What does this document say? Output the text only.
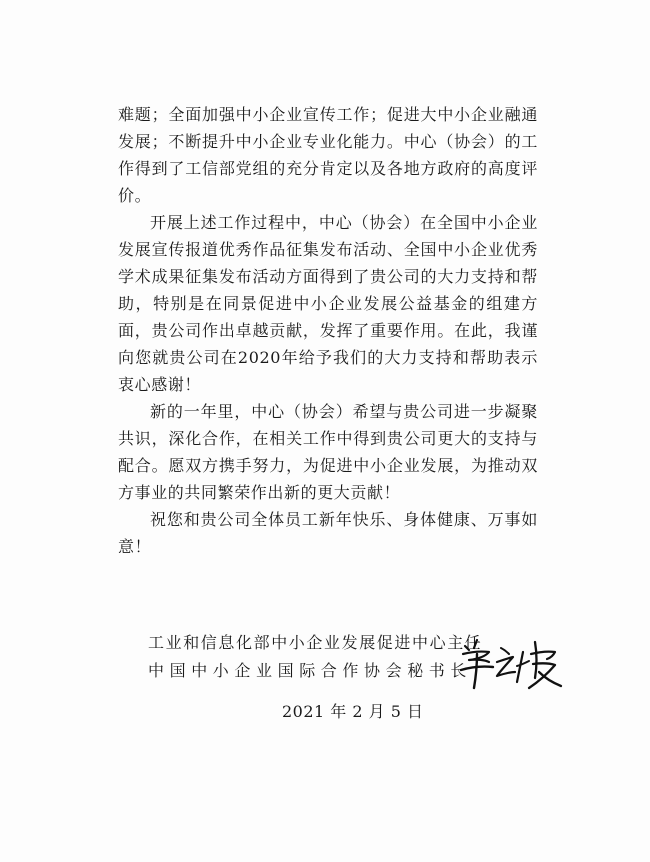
难题；全面加强中小企业宣传工作；促进大中小企业融通发展；不断提升中小企业专业化能力。中心（协会）的工作得到了工信部党组的充分肯定以及各地方政府的高度评价。

开展上述工作过程中，中心（协会）在全国中小企业发展宣传报道优秀作品征集发布活动、全国中小企业优秀学术成果征集发布活动方面得到了贵公司的大力支持和帮助，特别是在同景促进中小企业发展公益基金的组建方面，贵公司作出卓越贡献，发挥了重要作用。在此，我谨向您就贵公司在2020年给予我们的大力支持和帮助表示衷心感谢！

新的一年里，中心（协会）希望与贵公司进一步凝聚共识，深化合作，在相关工作中得到贵公司更大的支持与配合。愿双方携手努力，为促进中小企业发展，为推动双方事业的共同繁荣作出新的更大贡献！

祝您和贵公司全体员工新年快乐、身体健康、万事如意！

工业和信息化部中小企业发展促进中心主任
中国中小企业国际合作协会秘书长
2021 年 2 月 5 日
